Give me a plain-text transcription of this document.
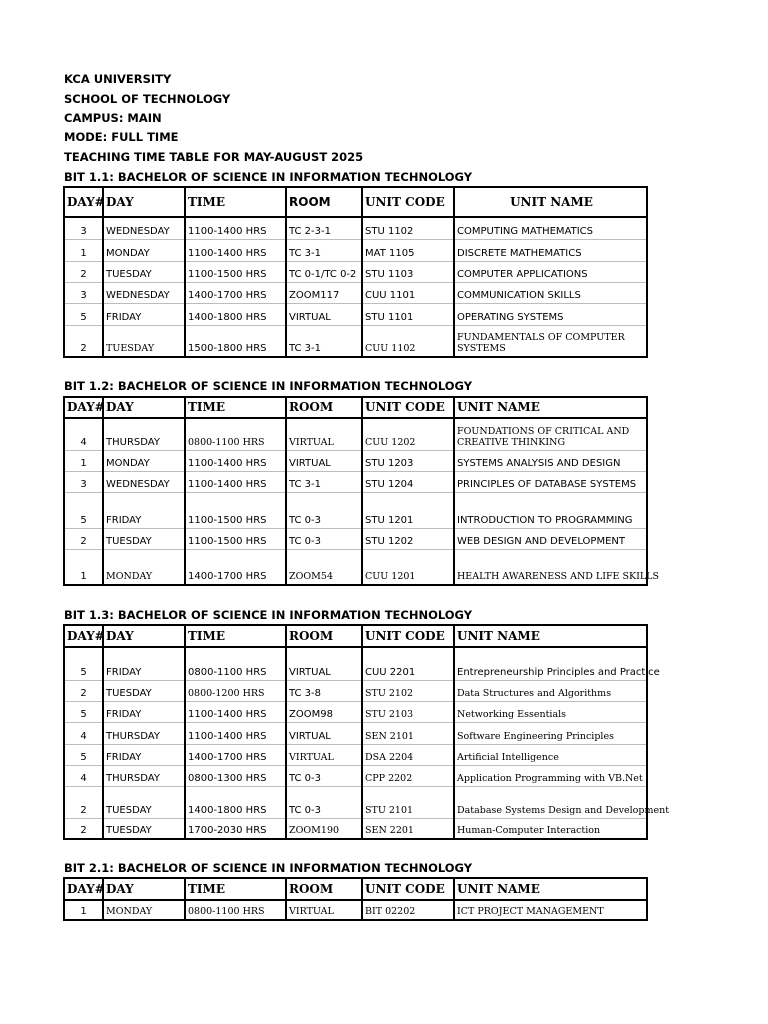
KCA UNIVERSITY
SCHOOL OF TECHNOLOGY
CAMPUS: MAIN
MODE: FULL TIME
TEACHING TIME TABLE FOR MAY-AUGUST 2025
BIT 1.1: BACHELOR OF SCIENCE IN INFORMATION TECHNOLOGY
DAY#	DAY	TIME	ROOM	UNIT CODE	UNIT NAME
3	WEDNESDAY	1100-1400 HRS	TC 2-3-1	STU 1102	COMPUTING MATHEMATICS
1	MONDAY	1100-1400 HRS	TC 3-1	MAT 1105	DISCRETE MATHEMATICS
2	TUESDAY	1100-1500 HRS	TC 0-1/TC 0-2	STU 1103	COMPUTER APPLICATIONS
3	WEDNESDAY	1400-1700 HRS	ZOOM117	CUU 1101	COMMUNICATION SKILLS
5	FRIDAY	1400-1800 HRS	VIRTUAL	STU 1101	OPERATING SYSTEMS
2	TUESDAY	1500-1800 HRS	TC 3-1	CUU 1102	FUNDAMENTALS OF COMPUTER SYSTEMS
BIT 1.2: BACHELOR OF SCIENCE IN INFORMATION TECHNOLOGY
DAY#	DAY	TIME	ROOM	UNIT CODE	UNIT NAME
4	THURSDAY	0800-1100 HRS	VIRTUAL	CUU 1202	FOUNDATIONS OF CRITICAL AND CREATIVE THINKING
1	MONDAY	1100-1400 HRS	VIRTUAL	STU 1203	SYSTEMS ANALYSIS AND DESIGN
3	WEDNESDAY	1100-1400 HRS	TC 3-1	STU 1204	PRINCIPLES OF DATABASE SYSTEMS
5	FRIDAY	1100-1500 HRS	TC 0-3	STU 1201	INTRODUCTION TO PROGRAMMING
2	TUESDAY	1100-1500 HRS	TC 0-3	STU 1202	WEB DESIGN AND DEVELOPMENT
1	MONDAY	1400-1700 HRS	ZOOM54	CUU 1201	HEALTH AWARENESS AND LIFE SKILLS
BIT 1.3: BACHELOR OF SCIENCE IN INFORMATION TECHNOLOGY
DAY#	DAY	TIME	ROOM	UNIT CODE	UNIT NAME
5	FRIDAY	0800-1100 HRS	VIRTUAL	CUU 2201	Entrepreneurship Principles and Practice
2	TUESDAY	0800-1200 HRS	TC 3-8	STU 2102	Data Structures and Algorithms
5	FRIDAY	1100-1400 HRS	ZOOM98	STU 2103	Networking Essentials
4	THURSDAY	1100-1400 HRS	VIRTUAL	SEN 2101	Software Engineering Principles
5	FRIDAY	1400-1700 HRS	VIRTUAL	DSA 2204	Artificial Intelligence
4	THURSDAY	0800-1300 HRS	TC 0-3	CPP 2202	Application Programming with VB.Net
2	TUESDAY	1400-1800 HRS	TC 0-3	STU 2101	Database Systems Design and Development
2	TUESDAY	1700-2030 HRS	ZOOM190	SEN 2201	Human-Computer Interaction
BIT 2.1: BACHELOR OF SCIENCE IN INFORMATION TECHNOLOGY
DAY#	DAY	TIME	ROOM	UNIT CODE	UNIT NAME
1	MONDAY	0800-1100 HRS	VIRTUAL	BIT 02202	ICT PROJECT MANAGEMENT
